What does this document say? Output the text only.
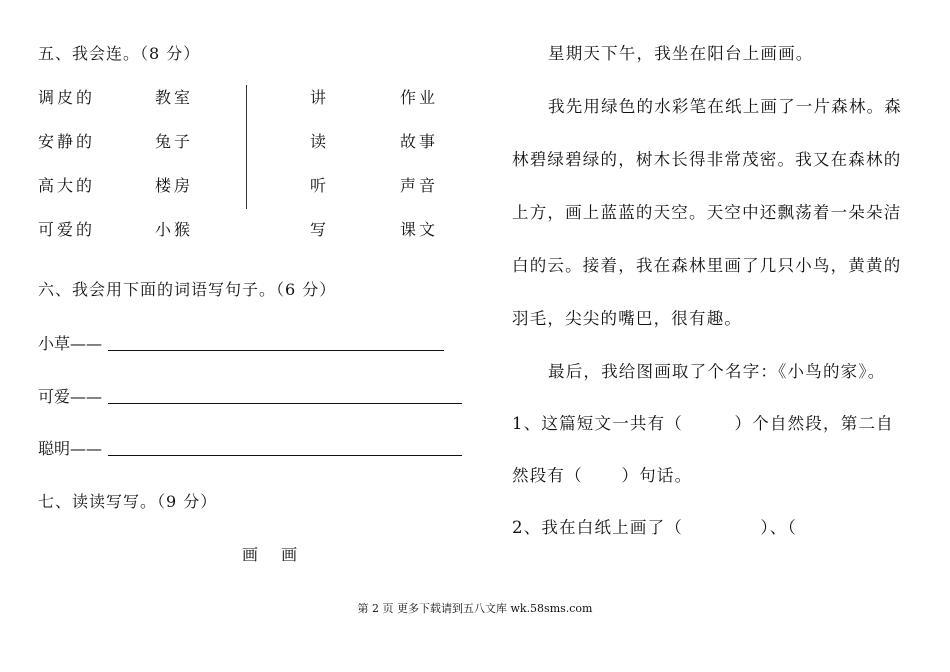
五、我会连。（8 分）
调皮的
安静的
高大的
可爱的
教室
兔子
楼房
小猴
讲
读
听
写
作业
故事
声音
课文
六、我会用下面的词语写句子。（6 分）
小草——
可爱——
聪明——
七、读读写写。（9 分）
画 画
星期天下午，我坐在阳台上画画。
我先用绿色的水彩笔在纸上画了一片森林。森
林碧绿碧绿的，树木长得非常茂密。我又在森林的
上方，画上蓝蓝的天空。天空中还飘荡着一朵朵洁
白的云。接着，我在森林里画了几只小鸟，黄黄的
羽毛，尖尖的嘴巴，很有趣。
最后，我给图画取了个名字：《小鸟的家》。
1、这篇短文一共有（        ）个自然段，第二自
然段有（      ）句话。
2、我在白纸上画了（            ）、（
第 2 页 更多下载请到五八文库 wk.58sms.com
